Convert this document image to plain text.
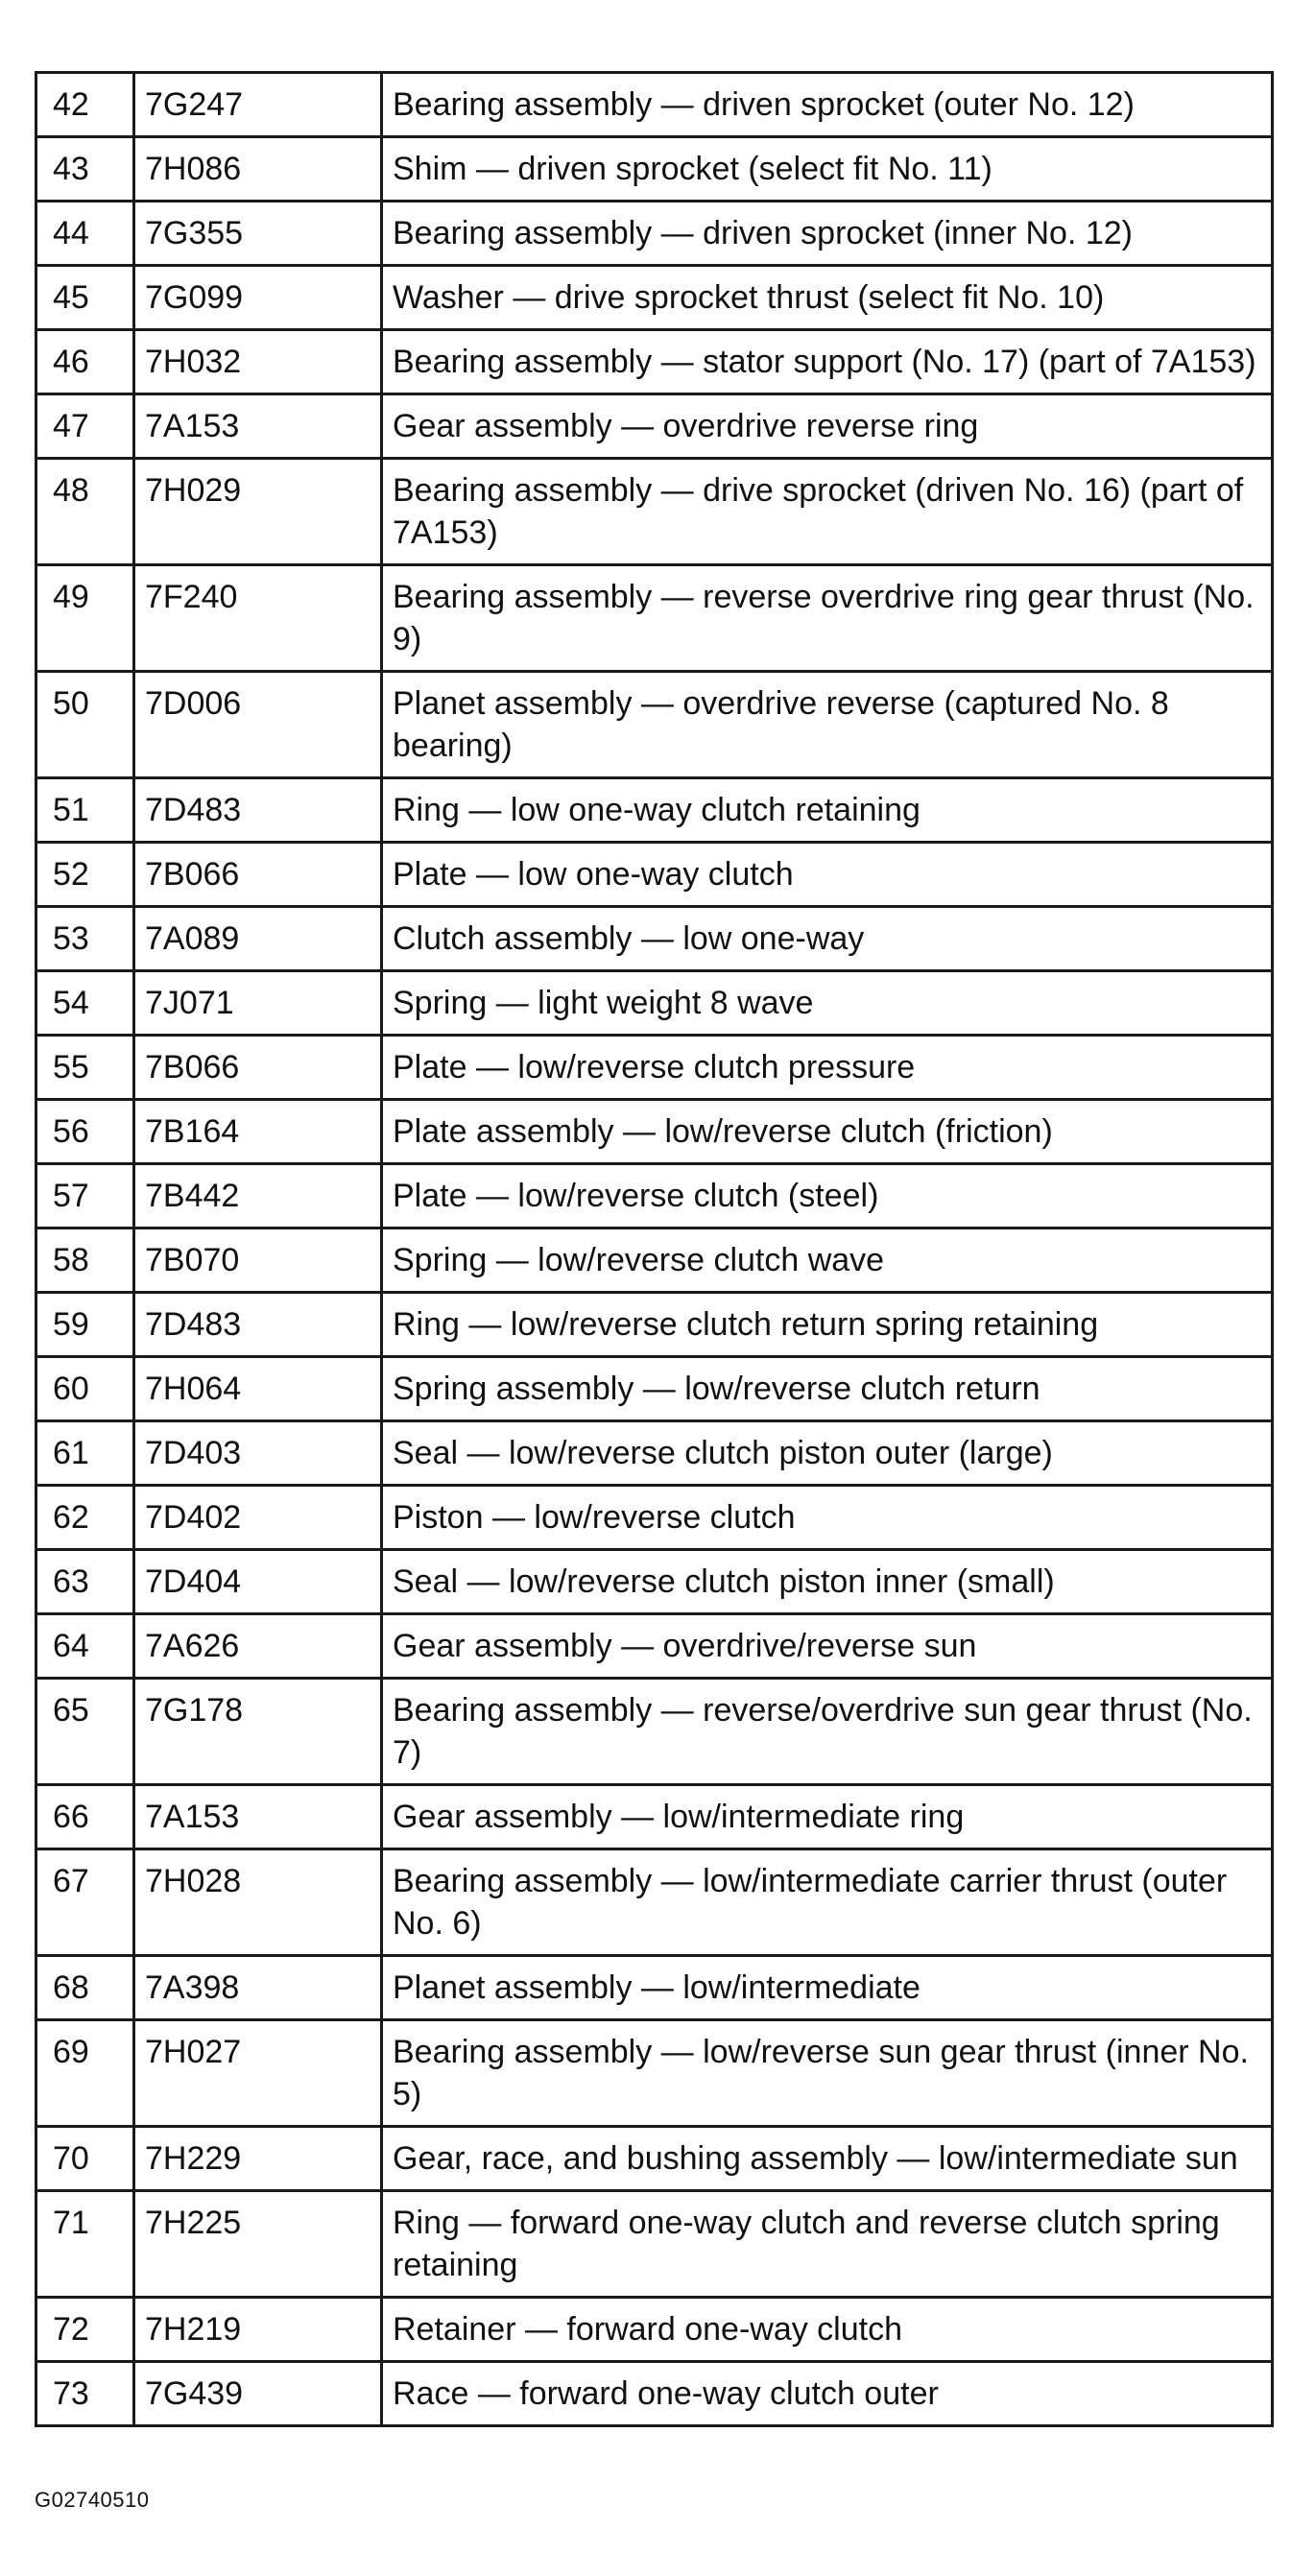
42	7G247	Bearing assembly — driven sprocket (outer No. 12)
43	7H086	Shim — driven sprocket (select fit No. 11)
44	7G355	Bearing assembly — driven sprocket (inner No. 12)
45	7G099	Washer — drive sprocket thrust (select fit No. 10)
46	7H032	Bearing assembly — stator support (No. 17) (part of 7A153)
47	7A153	Gear assembly — overdrive reverse ring
48	7H029	Bearing assembly — drive sprocket (driven No. 16) (part of 7A153)
49	7F240	Bearing assembly — reverse overdrive ring gear thrust (No. 9)
50	7D006	Planet assembly — overdrive reverse (captured No. 8 bearing)
51	7D483	Ring — low one-way clutch retaining
52	7B066	Plate — low one-way clutch
53	7A089	Clutch assembly — low one-way
54	7J071	Spring — light weight 8 wave
55	7B066	Plate — low/reverse clutch pressure
56	7B164	Plate assembly — low/reverse clutch (friction)
57	7B442	Plate — low/reverse clutch (steel)
58	7B070	Spring — low/reverse clutch wave
59	7D483	Ring — low/reverse clutch return spring retaining
60	7H064	Spring assembly — low/reverse clutch return
61	7D403	Seal — low/reverse clutch piston outer (large)
62	7D402	Piston — low/reverse clutch
63	7D404	Seal — low/reverse clutch piston inner (small)
64	7A626	Gear assembly — overdrive/reverse sun
65	7G178	Bearing assembly — reverse/overdrive sun gear thrust (No. 7)
66	7A153	Gear assembly — low/intermediate ring
67	7H028	Bearing assembly — low/intermediate carrier thrust (outer No. 6)
68	7A398	Planet assembly — low/intermediate
69	7H027	Bearing assembly — low/reverse sun gear thrust (inner No. 5)
70	7H229	Gear, race, and bushing assembly — low/intermediate sun
71	7H225	Ring — forward one-way clutch and reverse clutch spring retaining
72	7H219	Retainer — forward one-way clutch
73	7G439	Race — forward one-way clutch outer
G02740510
